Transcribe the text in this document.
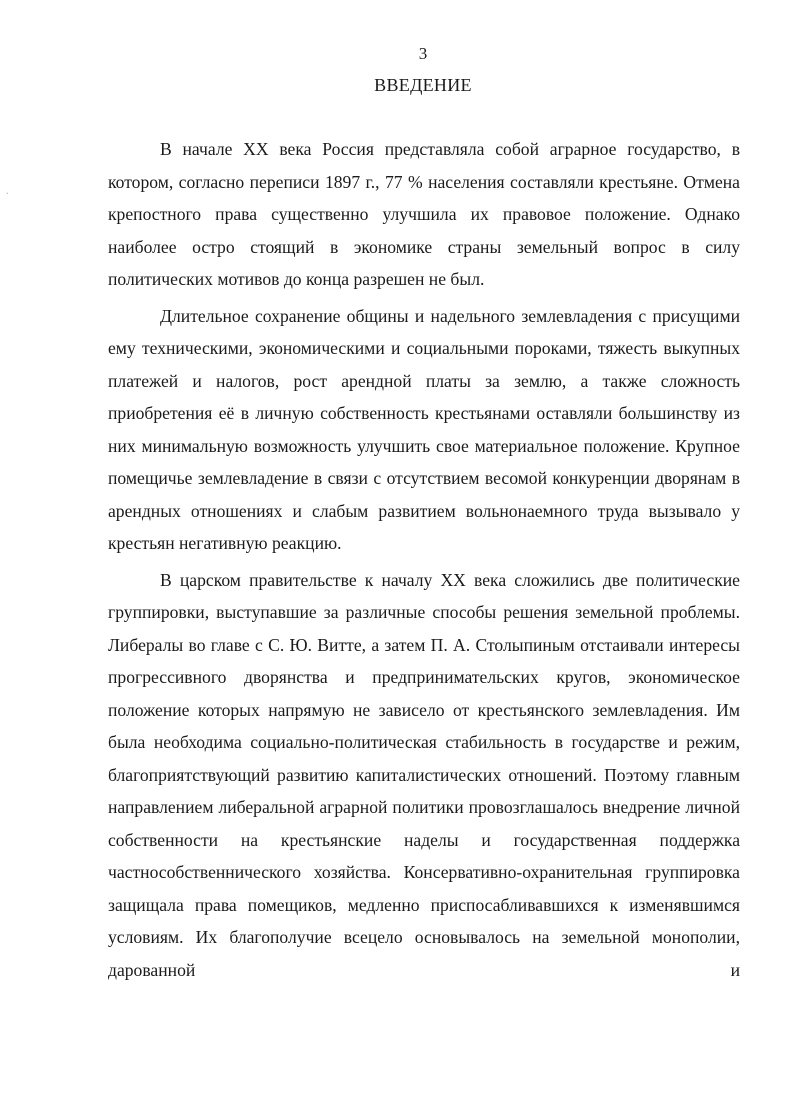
3
ВВЕДЕНИЕ
ˏ

В начале XX века Россия представляла собой аграрное государство, в котором, согласно переписи 1897 г., 77 % населения составляли крестьяне. Отмена крепостного права существенно улучшила их правовое положение. Однако наиболее остро стоящий в экономике страны земельный вопрос в силу политических мотивов до конца разрешен не был.

Длительное сохранение общины и надельного землевладения с присущими ему техническими, экономическими и социальными пороками, тяжесть выкупных платежей и налогов, рост арендной платы за землю, а также сложность приобретения её в личную собственность крестьянами оставляли большинству из них минимальную возможность улучшить свое материальное положение. Крупное помещичье землевладение в связи с отсутствием весомой конкуренции дворянам в арендных отношениях и слабым развитием вольнонаемного труда вызывало у крестьян негативную реакцию.

В царском правительстве к началу XX века сложились две политические группировки, выступавшие за различные способы решения земельной проблемы. Либералы во главе с С. Ю. Витте, а затем П. А. Столыпиным отстаивали интересы прогрессивного дворянства и предпринимательских кругов, экономическое положение которых напрямую не зависело от крестьянского землевладения. Им была необходима социально-политическая стабильность в государстве и режим, благоприятствующий развитию капиталистических отношений. Поэтому главным направлением либеральной аграрной политики провозглашалось внедрение личной собственности на крестьянские наделы и государственная поддержка частнособственнического хозяйства. Консервативно-охранительная группировка защищала права помещиков, медленно приспосабливавшихся к изменявшимся условиям. Их благополучие всецело основывалось на земельной монополии, дарованной и
